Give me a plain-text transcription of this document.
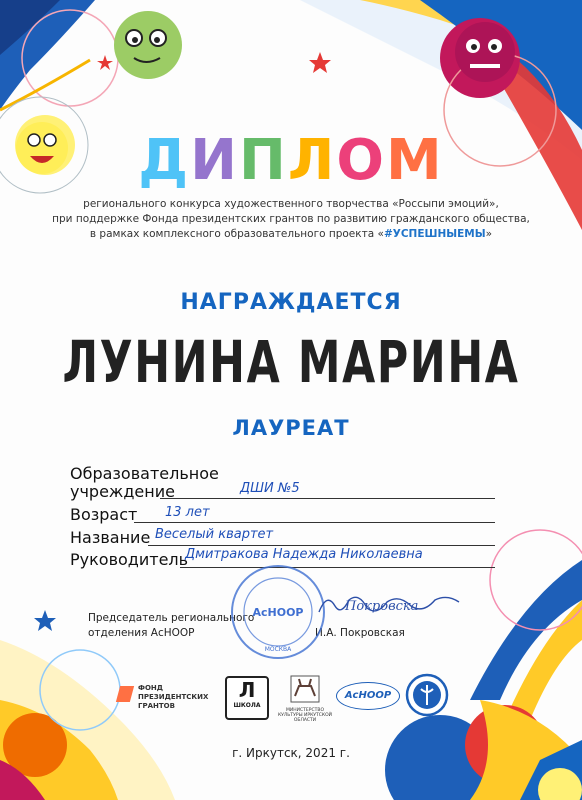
ДИПЛОМ
регионального конкурса художественного творчества «Россыпи эмоций»,
при поддержке Фонда президентских грантов по развитию гражданского общества,
в рамках комплексного образовательного проекта «#УСПЕШНЫЕМЫ»
НАГРАЖДАЕТСЯ
ЛУНИНА МАРИНА
ЛАУРЕАТ
Образовательное
учреждение	ДШИ №5
Возраст 13 лет
Название Веселый квартет
Руководитель
Дмитракова Надежда Николаевна
Председатель регионального
отделения АсНООР	И.А. Покровская
АсНООР
МОСКВА
Покровска
ФОНД
ПРЕЗИДЕНТСКИХ
ГРАНТОВ
Л
ШКОЛА
МИНИСТЕРСТВО КУЛЬТУРЫ ИРКУТСКОЙ ОБЛАСТИ
АсНООР
г. Иркутск, 2021 г.
